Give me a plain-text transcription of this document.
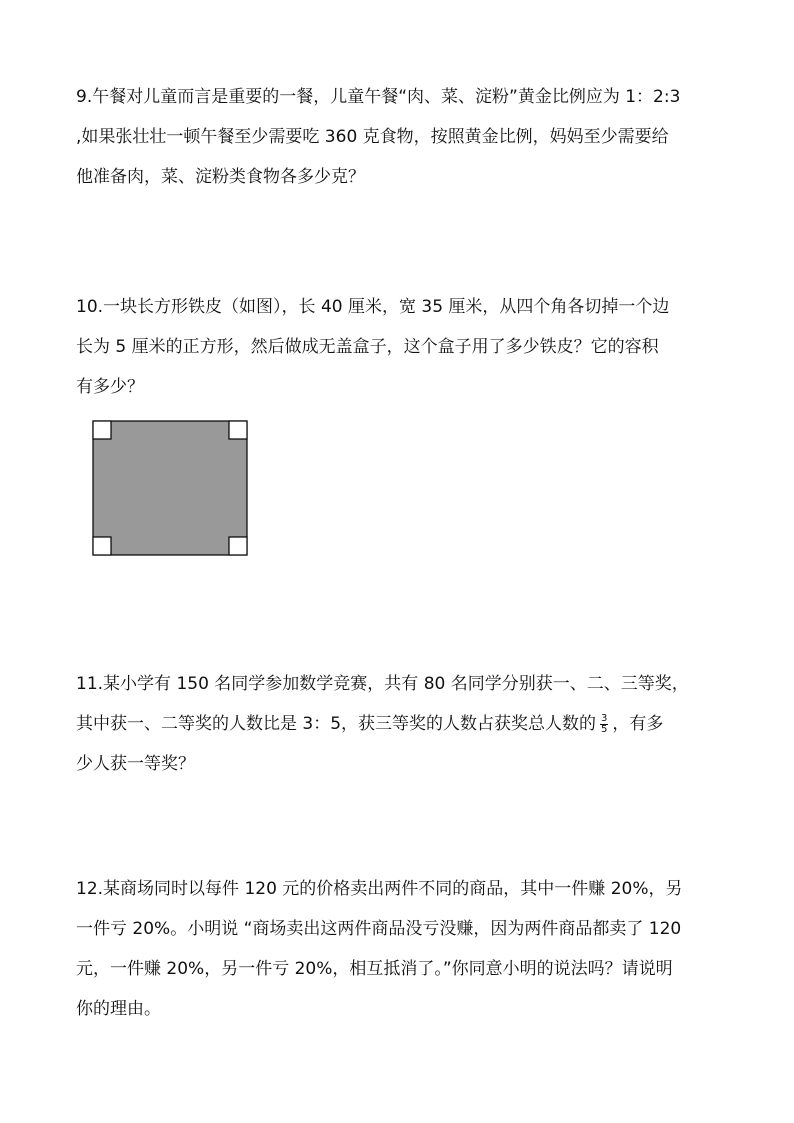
9.午餐对儿童而言是重要的一餐，儿童午餐“肉、菜、淀粉”黄金比例应为 1：2:3
,如果张壮壮一顿午餐至少需要吃 360 克食物，按照黄金比例，妈妈至少需要给
他准备肉，菜、淀粉类食物各多少克？
10.一块长方形铁皮（如图），长 40 厘米，宽 35 厘米，从四个角各切掉一个边
长为 5 厘米的正方形，然后做成无盖盒子，这个盒子用了多少铁皮？它的容积
有多少？
11.某小学有 150 名同学参加数学竞赛，共有 80 名同学分别获一、二、三等奖，
其中获一、二等奖的人数比是 3：5，获三等奖的人数占获奖总人数的 $\frac{3}{5}$ ，有多
少人获一等奖？
12.某商场同时以每件 120 元的价格卖出两件不同的商品，其中一件赚 20%，另
一件亏 20%。小明说 “商场卖出这两件商品没亏没赚，因为两件商品都卖了 120
元，一件赚 20%，另一件亏 20%，相互抵消了。”你同意小明的说法吗？请说明
你的理由。
